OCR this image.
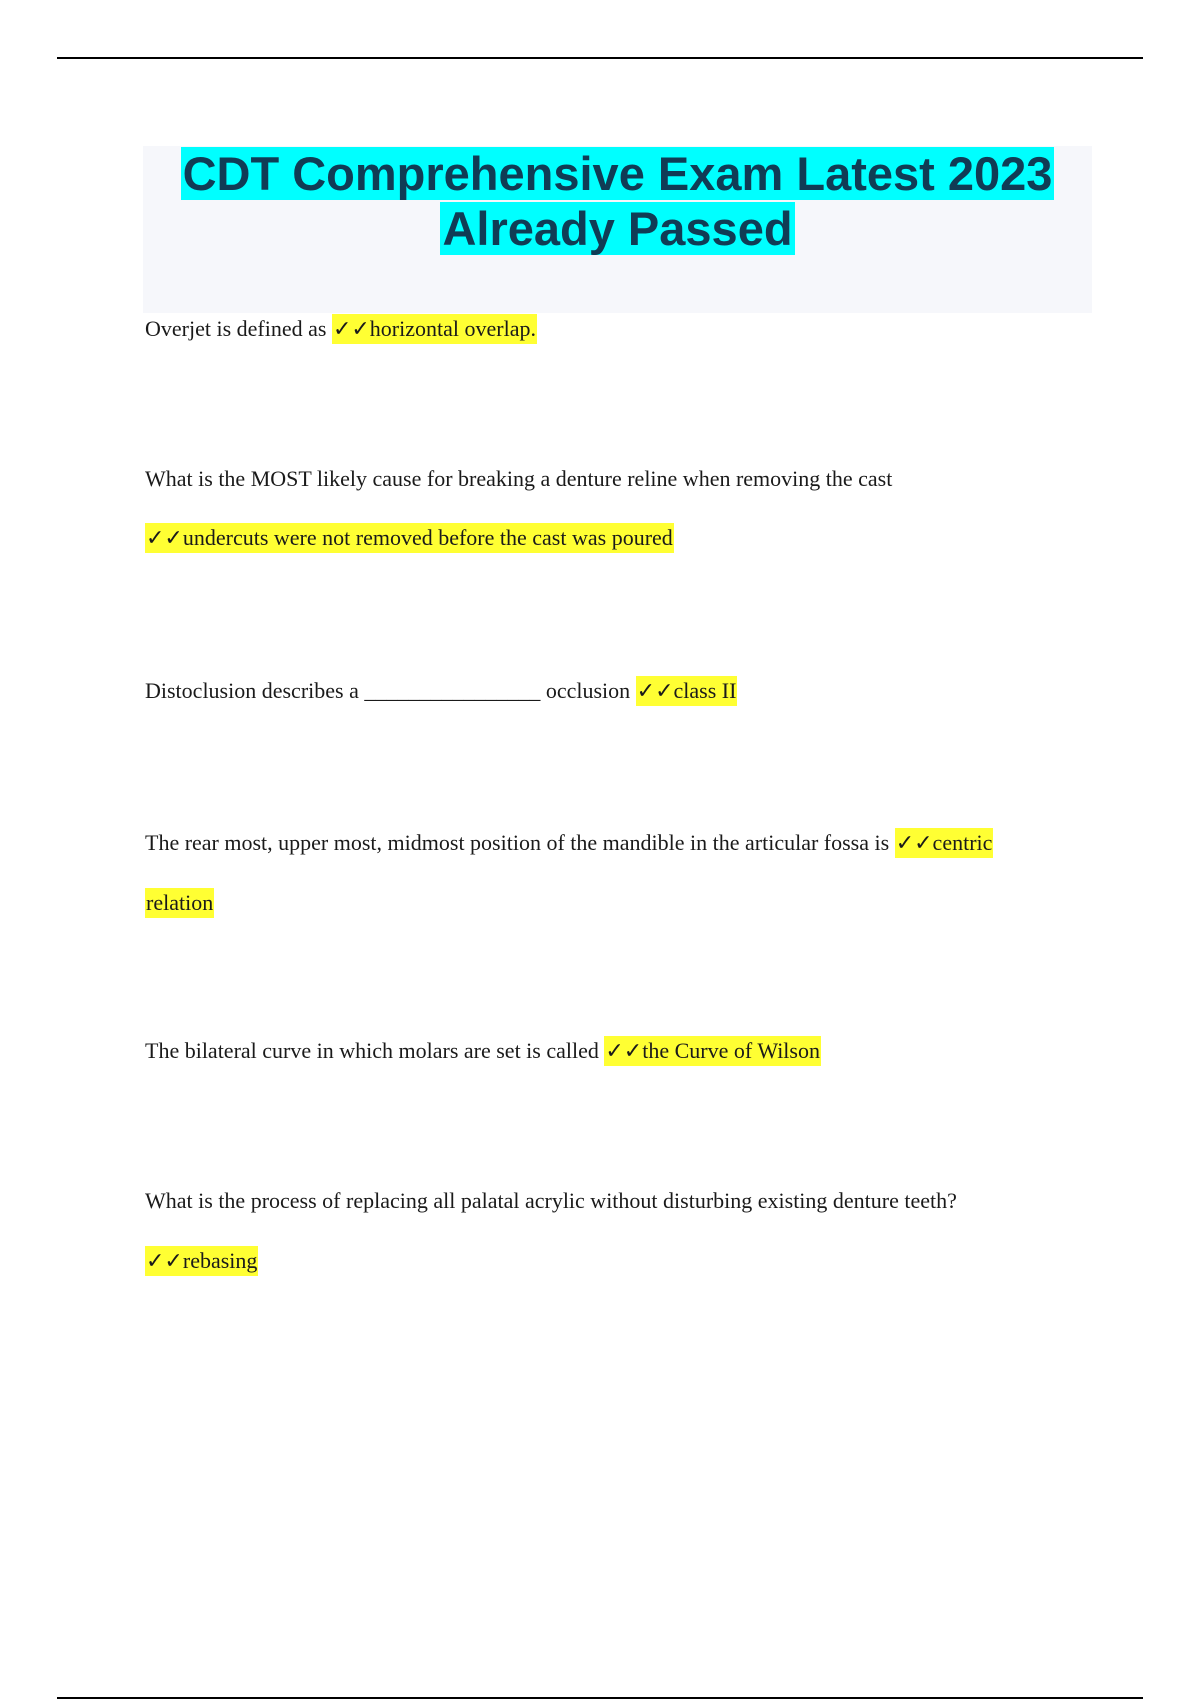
CDT Comprehensive Exam Latest 2023
Already Passed

Overjet is defined as ✓✓horizontal overlap.

What is the MOST likely cause for breaking a denture reline when removing the cast

✓✓undercuts were not removed before the cast was poured

Distoclusion describes a ________________ occlusion ✓✓class II

The rear most, upper most, midmost position of the mandible in the articular fossa is ✓✓centric

relation

The bilateral curve in which molars are set is called ✓✓the Curve of Wilson

What is the process of replacing all palatal acrylic without disturbing existing denture teeth?

✓✓rebasing
